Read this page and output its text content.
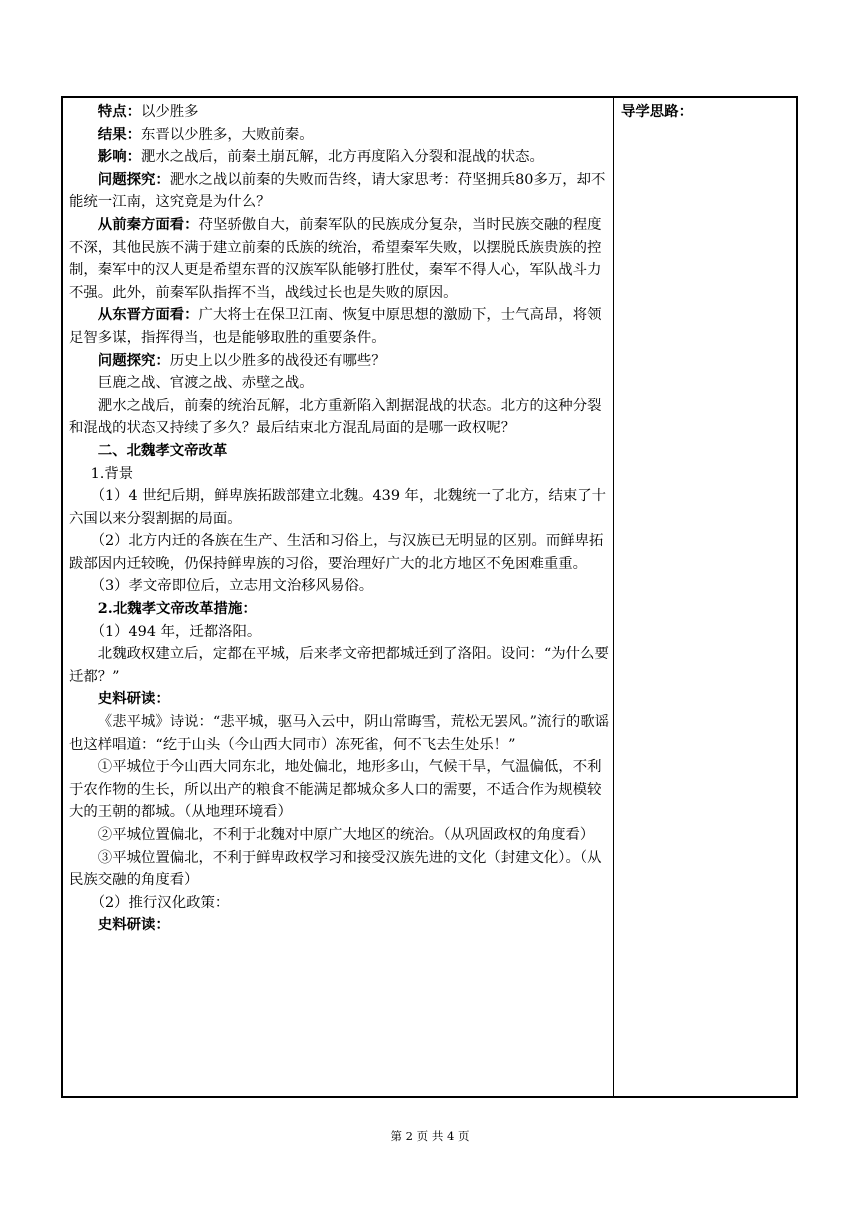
特点：以少胜多

结果：东晋以少胜多，大败前秦。

影响：淝水之战后，前秦土崩瓦解，北方再度陷入分裂和混战的状态。

问题探究：淝水之战以前秦的失败而告终，请大家思考：苻坚拥兵80多万，却不能统一江南，这究竟是为什么？

从前秦方面看：苻坚骄傲自大，前秦军队的民族成分复杂，当时民族交融的程度不深，其他民族不满于建立前秦的氐族的统治，希望秦军失败，以摆脱氐族贵族的控制，秦军中的汉人更是希望东晋的汉族军队能够打胜仗，秦军不得人心，军队战斗力不强。此外，前秦军队指挥不当，战线过长也是失败的原因。

从东晋方面看：广大将士在保卫江南、恢复中原思想的激励下，士气高昂，将领足智多谋，指挥得当，也是能够取胜的重要条件。

问题探究：历史上以少胜多的战役还有哪些？

巨鹿之战、官渡之战、赤壁之战。

淝水之战后，前秦的统治瓦解，北方重新陷入割据混战的状态。北方的这种分裂和混战的状态又持续了多久？最后结束北方混乱局面的是哪一政权呢？

二、北魏孝文帝改革

1.背景

（1）4 世纪后期，鲜卑族拓跋部建立北魏。439 年，北魏统一了北方，结束了十六国以来分裂割据的局面。

（2）北方内迁的各族在生产、生活和习俗上，与汉族已无明显的区别。而鲜卑拓跋部因内迁较晚，仍保持鲜卑族的习俗，要治理好广大的北方地区不免困难重重。

（3）孝文帝即位后，立志用文治移风易俗。

2.北魏孝文帝改革措施：

（1）494 年，迁都洛阳。

北魏政权建立后，定都在平城，后来孝文帝把都城迁到了洛阳。设问：“为什么要迁都？”

史料研读：

《悲平城》诗说：“悲平城，驱马入云中，阴山常晦雪，荒松无罢风。”流行的歌谣也这样唱道：“纥于山头（今山西大同市）冻死雀，何不飞去生处乐！”

①平城位于今山西大同东北，地处偏北，地形多山，气候干旱，气温偏低，不利于农作物的生长，所以出产的粮食不能满足都城众多人口的需要，不适合作为规模较大的王朝的都城。（从地理环境看）

②平城位置偏北，不利于北魏对中原广大地区的统治。（从巩固政权的角度看）

③平城位置偏北，不利于鲜卑政权学习和接受汉族先进的文化（封建文化）。（从民族交融的角度看）

（2）推行汉化政策：

史料研读：

导学思路：
第 2 页 共 4 页
